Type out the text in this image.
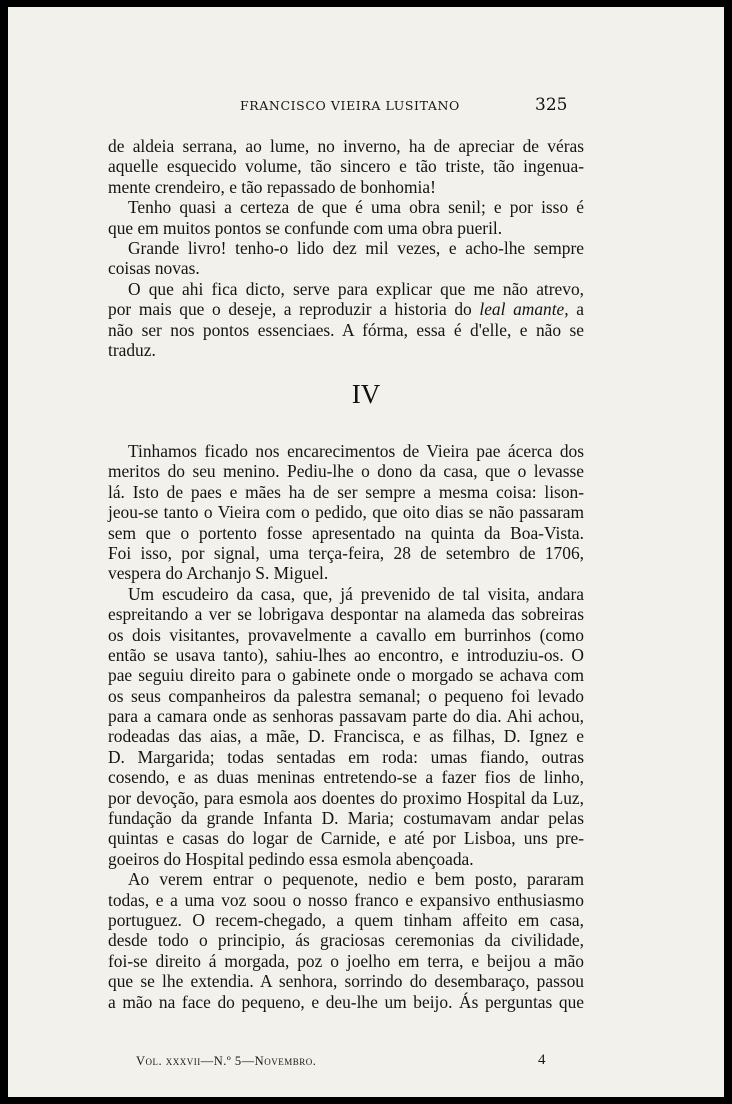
FRANCISCO VIEIRA LUSITANO	325
de aldeia serrana, ao lume, no inverno, ha de apreciar de véras
aquelle esquecido volume, tão sincero e tão triste, tão ingenua-
mente crendeiro, e tão repassado de bonhomia!
Tenho quasi a certeza de que é uma obra senil; e por isso é
que em muitos pontos se confunde com uma obra pueril.
Grande livro! tenho-o lido dez mil vezes, e acho-lhe sempre
coisas novas.
O que ahi fica dicto, serve para explicar que me não atrevo,
por mais que o deseje, a reproduzir a historia do leal amante, a
não ser nos pontos essenciaes. A fórma, essa é d'elle, e não se
traduz.
IV
Tinhamos ficado nos encarecimentos de Vieira pae ácerca dos
meritos do seu menino. Pediu-lhe o dono da casa, que o levasse
lá. Isto de paes e mães ha de ser sempre a mesma coisa: lison-
jeou-se tanto o Vieira com o pedido, que oito dias se não passaram
sem que o portento fosse apresentado na quinta da Boa-Vista.
Foi isso, por signal, uma terça-feira, 28 de setembro de 1706,
vespera do Archanjo S. Miguel.
Um escudeiro da casa, que, já prevenido de tal visita, andara
espreitando a ver se lobrigava despontar na alameda das sobreiras
os dois visitantes, provavelmente a cavallo em burrinhos (como
então se usava tanto), sahiu-lhes ao encontro, e introduziu-os. O
pae seguiu direito para o gabinete onde o morgado se achava com
os seus companheiros da palestra semanal; o pequeno foi levado
para a camara onde as senhoras passavam parte do dia. Ahi achou,
rodeadas das aias, a mãe, D. Francisca, e as filhas, D. Ignez e
D. Margarida; todas sentadas em roda: umas fiando, outras
cosendo, e as duas meninas entretendo-se a fazer fios de linho,
por devoção, para esmola aos doentes do proximo Hospital da Luz,
fundação da grande Infanta D. Maria; costumavam andar pelas
quintas e casas do logar de Carnide, e até por Lisboa, uns pre-
goeiros do Hospital pedindo essa esmola abençoada.
Ao verem entrar o pequenote, nedio e bem posto, pararam
todas, e a uma voz soou o nosso franco e expansivo enthusiasmo
portuguez. O recem-chegado, a quem tinham affeito em casa,
desde todo o principio, ás graciosas ceremonias da civilidade,
foi-se direito á morgada, poz o joelho em terra, e beijou a mão
que se lhe extendia. A senhora, sorrindo do desembaraço, passou
a mão na face do pequeno, e deu-lhe um beijo. Ás perguntas que
Vol. xxxvii—N.º 5—Novembro.	4
